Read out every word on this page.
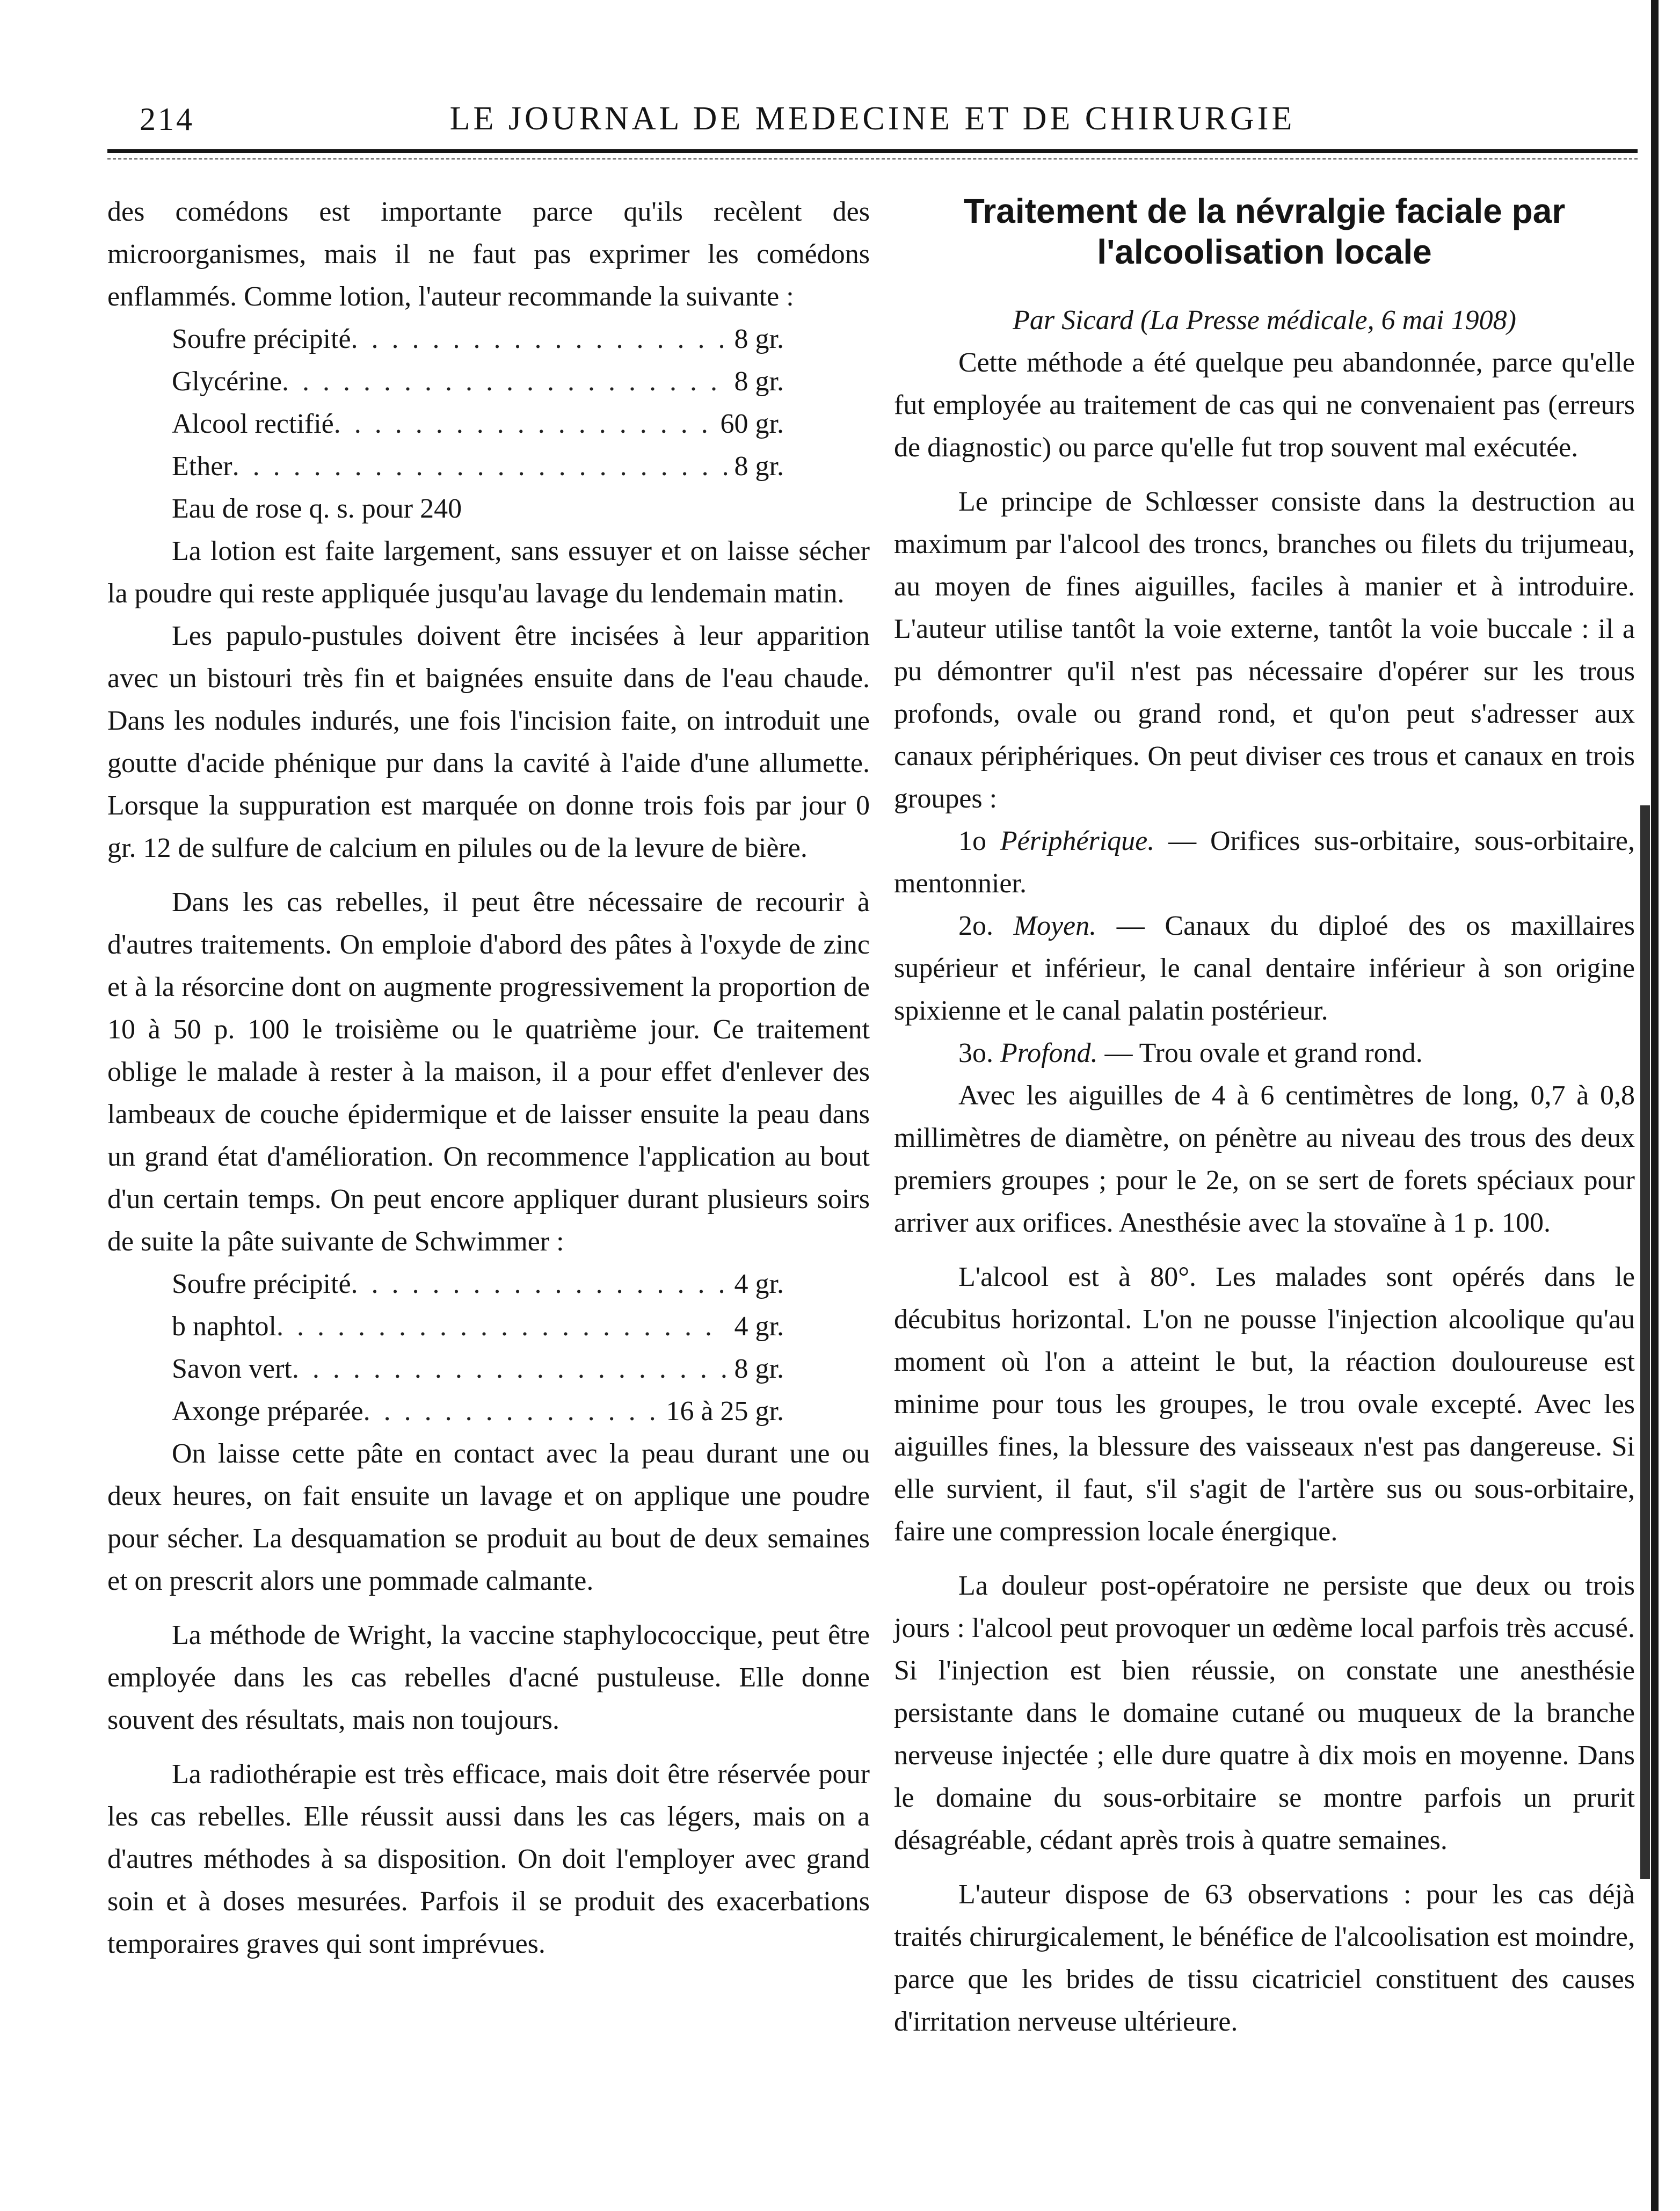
214	LE JOURNAL DE MEDECINE ET DE CHIRURGIE

des comédons est importante parce qu'ils recèlent des microorganismes, mais il ne faut pas exprimer les comédons enflammés. Comme lotion, l'auteur recommande la suivante :

Soufre précipité . . .	8 gr.
Glycérine . . .	8 gr.
Alcool rectifié . . .	60 gr.
Ether . . .	8 gr.
Eau de rose q. s. pour 240

La lotion est faite largement, sans essuyer et on laisse sécher la poudre qui reste appliquée jusqu'au lavage du lendemain matin.

Les papulo-pustules doivent être incisées à leur apparition avec un bistouri très fin et baignées ensuite dans de l'eau chaude. Dans les nodules indurés, une fois l'incision faite, on introduit une goutte d'acide phénique pur dans la cavité à l'aide d'une allumette. Lorsque la suppuration est marquée on donne trois fois par jour 0 gr. 12 de sulfure de calcium en pilules ou de la levure de bière.

Dans les cas rebelles, il peut être nécessaire de recourir à d'autres traitements. On emploie d'abord des pâtes à l'oxyde de zinc et à la résorcine dont on augmente progressivement la proportion de 10 à 50 p. 100 le troisième ou le quatrième jour. Ce traitement oblige le malade à rester à la maison, il a pour effet d'enlever des lambeaux de couche épidermique et de laisser ensuite la peau dans un grand état d'amélioration. On recommence l'application au bout d'un certain temps. On peut encore appliquer durant plusieurs soirs de suite la pâte suivante de Schwimmer :

Soufre précipité . . .	4 gr.
b naphtol . . .	4 gr.
Savon vert . . .	8 gr.
Axonge préparée . . .	16 à 25 gr.

On laisse cette pâte en contact avec la peau durant une ou deux heures, on fait ensuite un lavage et on applique une poudre pour sécher. La desquamation se produit au bout de deux semaines et on prescrit alors une pommade calmante.

La méthode de Wright, la vaccine staphylococcique, peut être employée dans les cas rebelles d'acné pustuleuse. Elle donne souvent des résultats, mais non toujours.

La radiothérapie est très efficace, mais doit être réservée pour les cas rebelles. Elle réussit aussi dans les cas légers, mais on a d'autres méthodes à sa disposition. On doit l'employer avec grand soin et à doses mesurées. Parfois il se produit des exacerbations temporaires graves qui sont imprévues.

Traitement de la névralgie faciale par l'alcoolisation locale

Par Sicard (La Presse médicale, 6 mai 1908)

Cette méthode a été quelque peu abandonnée, parce qu'elle fut employée au traitement de cas qui ne convenaient pas (erreurs de diagnostic) ou parce qu'elle fut trop souvent mal exécutée.

Le principe de Schlœsser consiste dans la destruction au maximum par l'alcool des troncs, branches ou filets du trijumeau, au moyen de fines aiguilles, faciles à manier et à introduire. L'auteur utilise tantôt la voie externe, tantôt la voie buccale : il a pu démontrer qu'il n'est pas nécessaire d'opérer sur les trous profonds, ovale ou grand rond, et qu'on peut s'adresser aux canaux périphériques. On peut diviser ces trous et canaux en trois groupes :

1o Périphérique. — Orifices sus-orbitaire, sous-orbitaire, mentonnier.

2o. Moyen. — Canaux du diploé des os maxillaires supérieur et inférieur, le canal dentaire inférieur à son origine spixienne et le canal palatin postérieur.

3o. Profond. — Trou ovale et grand rond.

Avec les aiguilles de 4 à 6 centimètres de long, 0,7 à 0,8 millimètres de diamètre, on pénètre au niveau des trous des deux premiers groupes ; pour le 2e, on se sert de forets spéciaux pour arriver aux orifices. Anesthésie avec la stovaïne à 1 p. 100.

L'alcool est à 80°. Les malades sont opérés dans le décubitus horizontal. L'on ne pousse l'injection alcoolique qu'au moment où l'on a atteint le but, la réaction douloureuse est minime pour tous les groupes, le trou ovale excepté. Avec les aiguilles fines, la blessure des vaisseaux n'est pas dangereuse. Si elle survient, il faut, s'il s'agit de l'artère sus ou sous-orbitaire, faire une compression locale énergique.

La douleur post-opératoire ne persiste que deux ou trois jours : l'alcool peut provoquer un œdème local parfois très accusé. Si l'injection est bien réussie, on constate une anesthésie persistante dans le domaine cutané ou muqueux de la branche nerveuse injectée ; elle dure quatre à dix mois en moyenne. Dans le domaine du sous-orbitaire se montre parfois un prurit désagréable, cédant après trois à quatre semaines.

L'auteur dispose de 63 observations : pour les cas déjà traités chirurgicalement, le bénéfice de l'alcoolisation est moindre, parce que les brides de tissu cicatriciel constituent des causes d'irritation nerveuse ultérieure.
